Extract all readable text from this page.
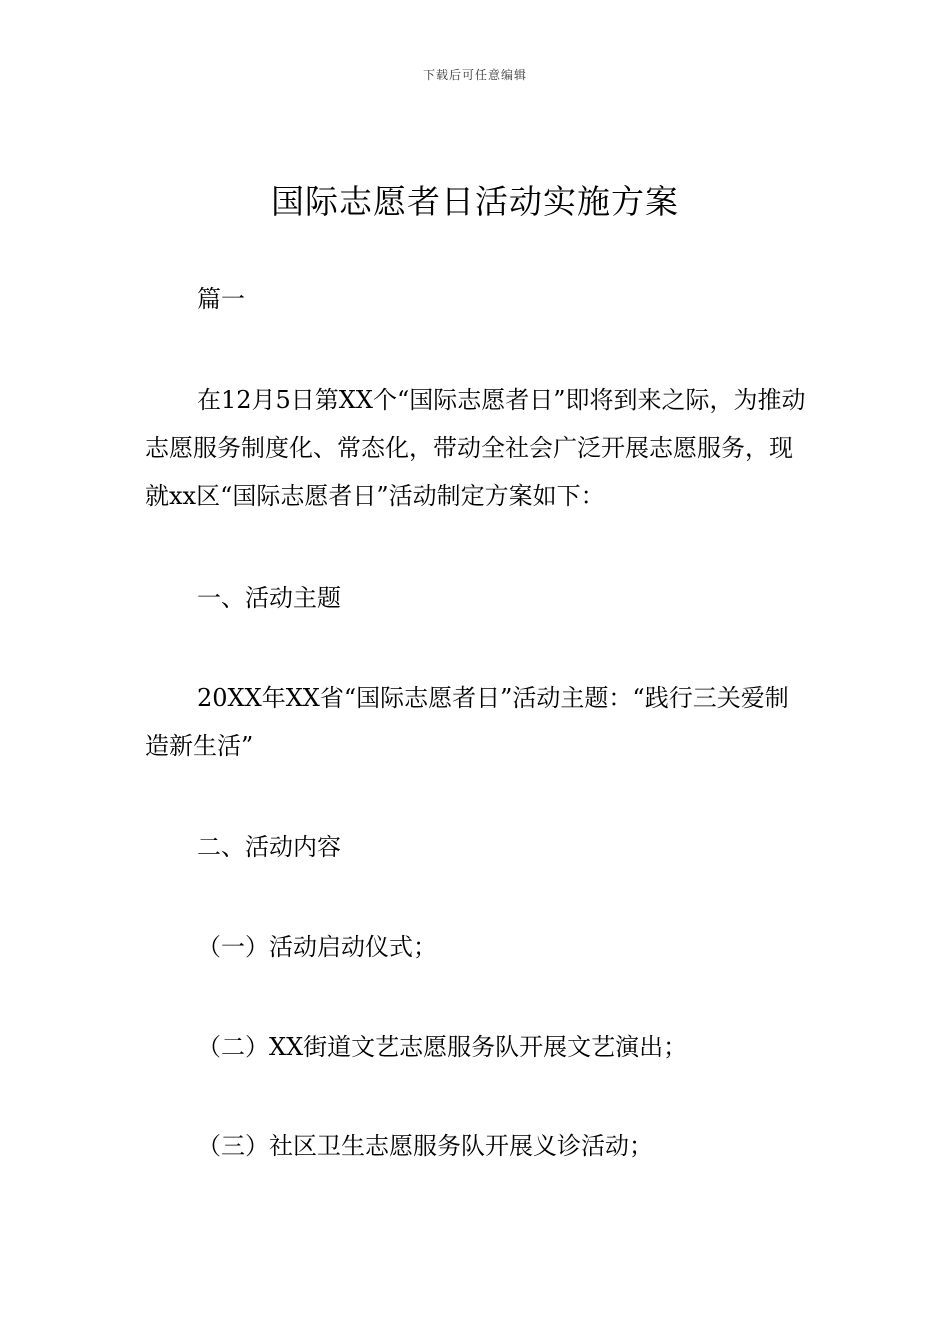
下载后可任意编辑
国际志愿者日活动实施方案

篇一

在12月5日第XX个“国际志愿者日”即将到来之际，为推动志愿服务制度化、常态化，带动全社会广泛开展志愿服务，现就xx区“国际志愿者日”活动制定方案如下：

一、活动主题

20XX年XX省“国际志愿者日”活动主题：“践行三关爱制造新生活”

二、活动内容

（一）活动启动仪式；

（二）XX街道文艺志愿服务队开展文艺演出；

（三）社区卫生志愿服务队开展义诊活动；
